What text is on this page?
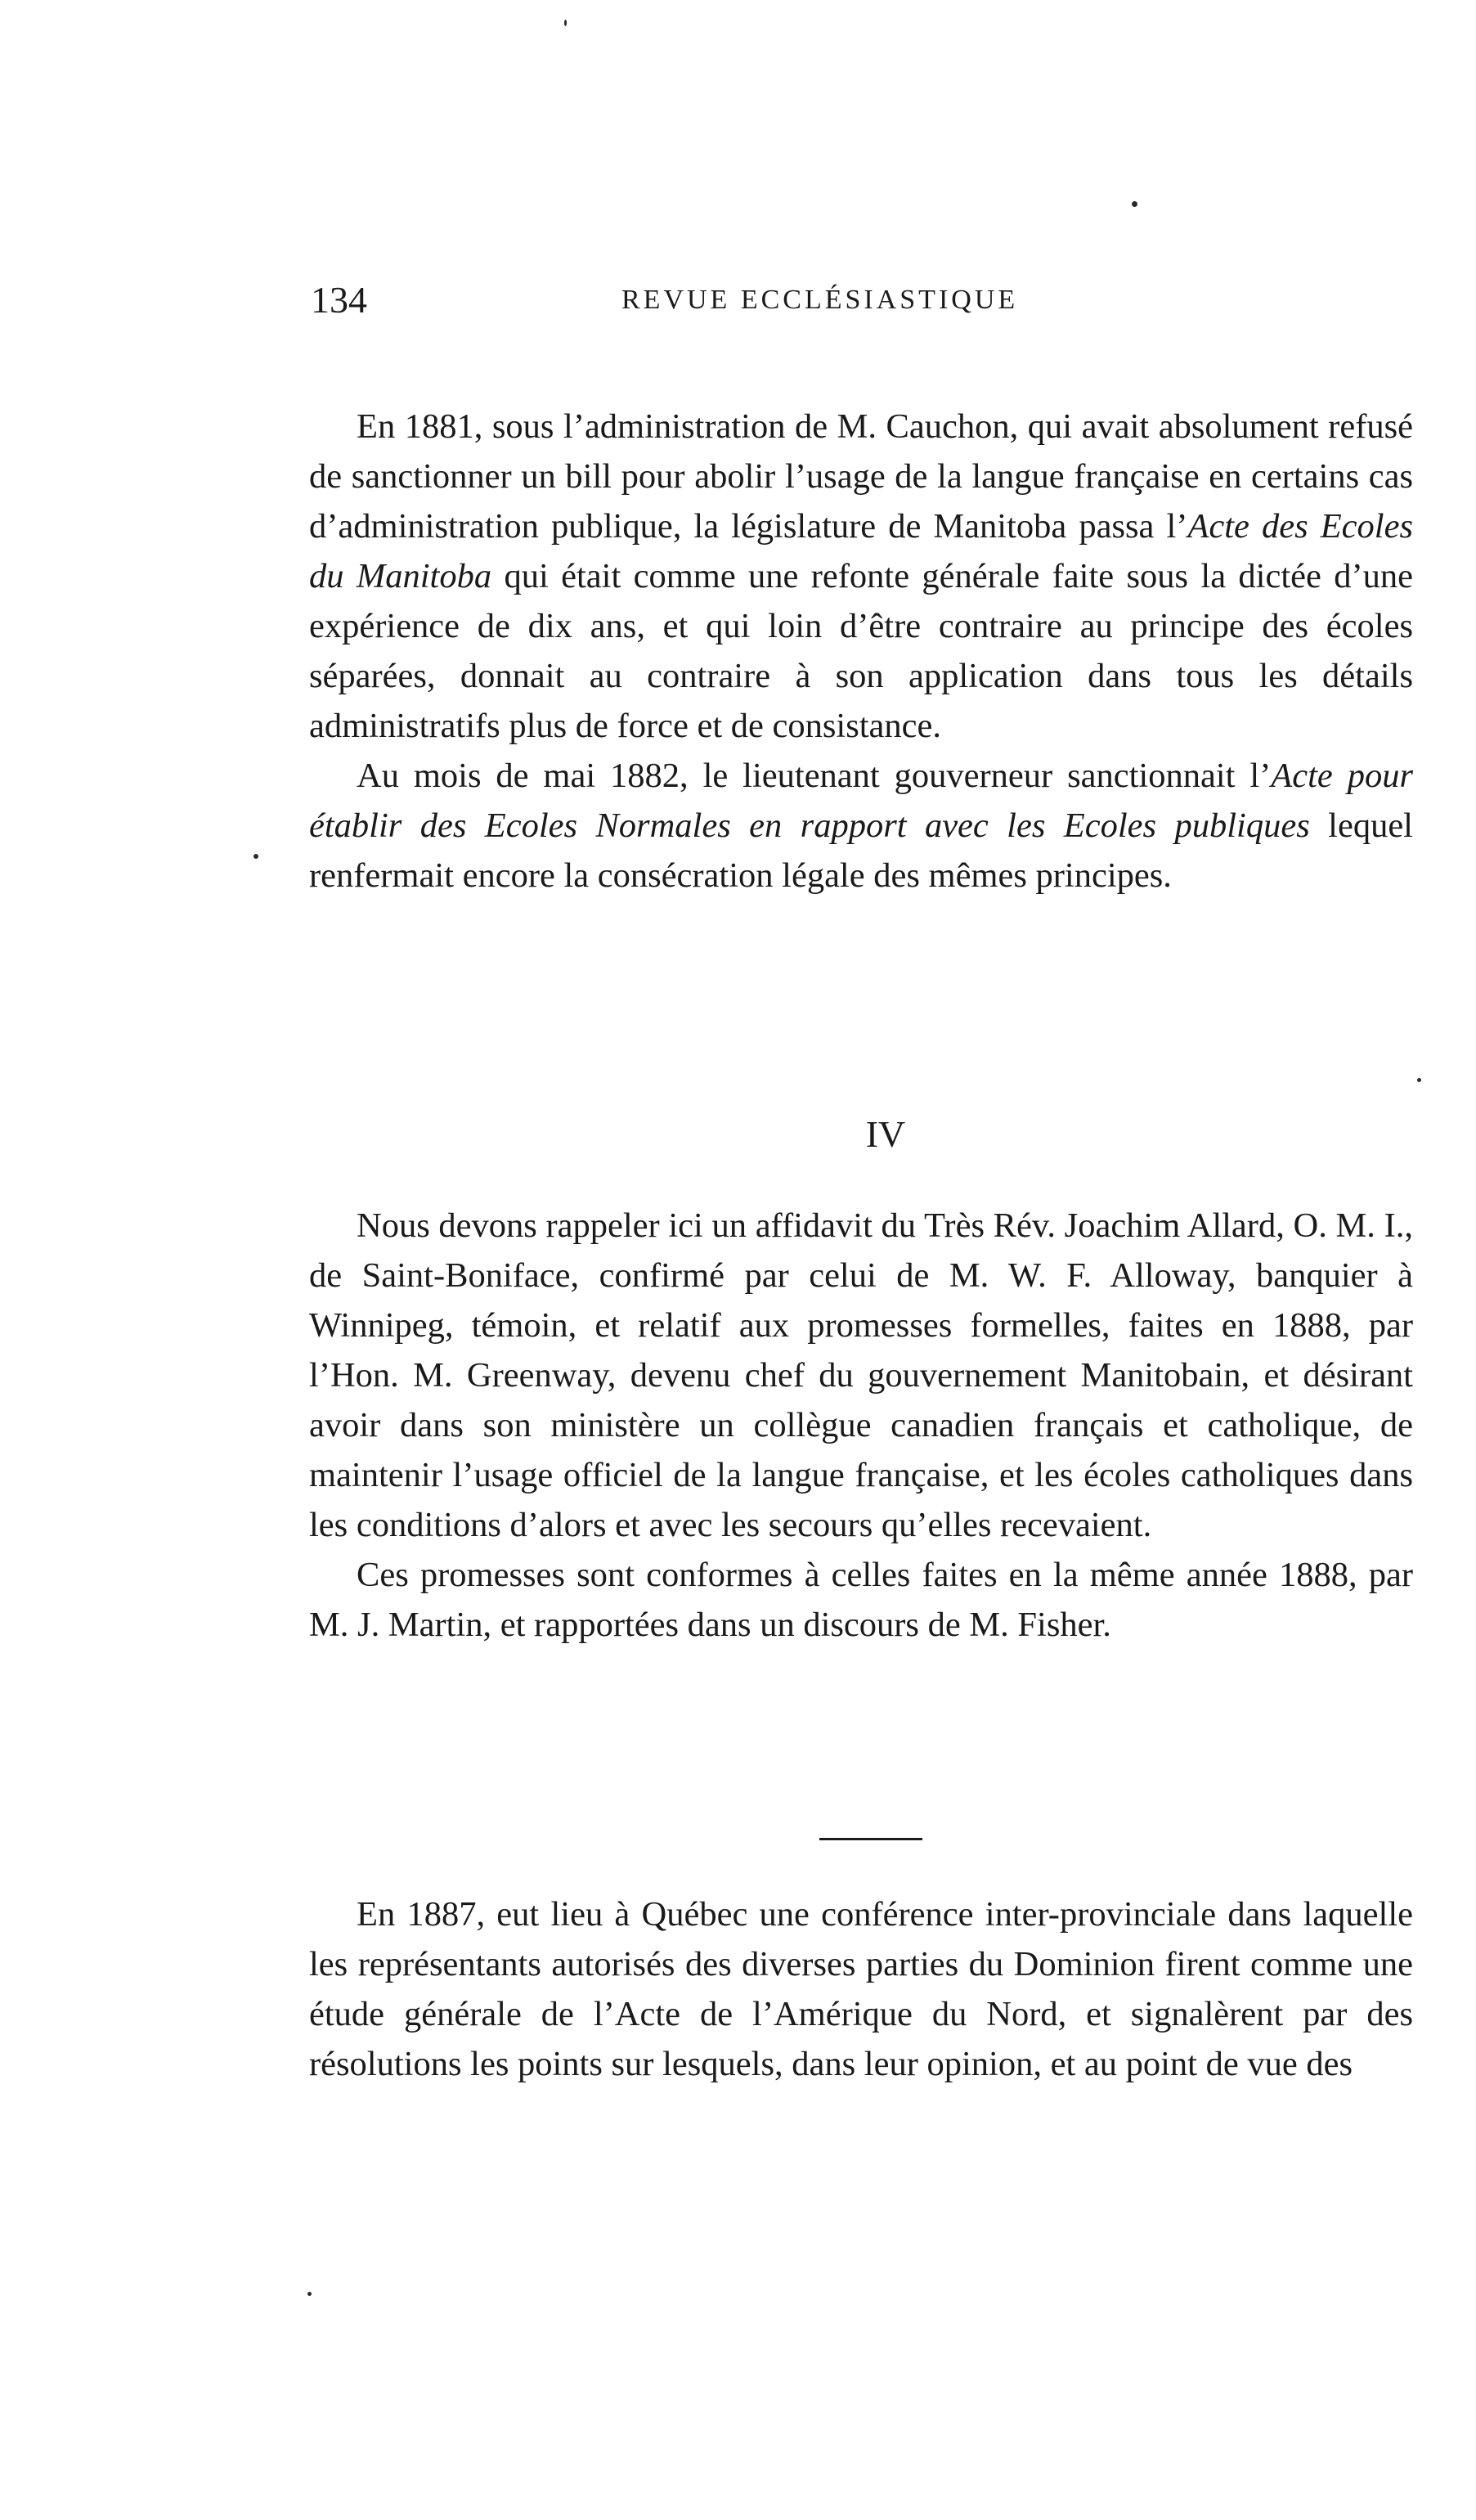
134	REVUE ECCLÉSIASTIQUE

En 1881, sous l’administration de M. Cauchon, qui avait absolument refusé de sanctionner un bill pour abolir l’usage de la langue française en certains cas d’administration publique, la législature de Manitoba passa l’Acte des Ecoles du Manitoba qui était comme une refonte générale faite sous la dictée d’une expérience de dix ans, et qui loin d’être contraire au principe des écoles séparées, donnait au contraire à son application dans tous les détails administratifs plus de force et de consistance.

Au mois de mai 1882, le lieutenant gouverneur sanctionnait l’Acte pour établir des Ecoles Normales en rapport avec les Ecoles publiques lequel renfermait encore la consécration légale des mêmes principes.

IV

Nous devons rappeler ici un affidavit du Très Rév. Joachim Allard, O. M. I., de Saint-Boniface, confirmé par celui de M. W. F. Alloway, banquier à Winnipeg, témoin, et relatif aux promesses formelles, faites en 1888, par l’Hon. M. Greenway, devenu chef du gouvernement Manitobain, et désirant avoir dans son ministère un collègue canadien français et catholique, de maintenir l’usage officiel de la langue française, et les écoles catholiques dans les conditions d’alors et avec les secours qu’elles recevaient.

Ces promesses sont conformes à celles faites en la même année 1888, par M. J. Martin, et rapportées dans un discours de M. Fisher.

En 1887, eut lieu à Québec une conférence inter-provinciale dans laquelle les représentants autorisés des diverses parties du Dominion firent comme une étude générale de l’Acte de l’Amérique du Nord, et signalèrent par des résolutions les points sur lesquels, dans leur opinion, et au point de vue des
